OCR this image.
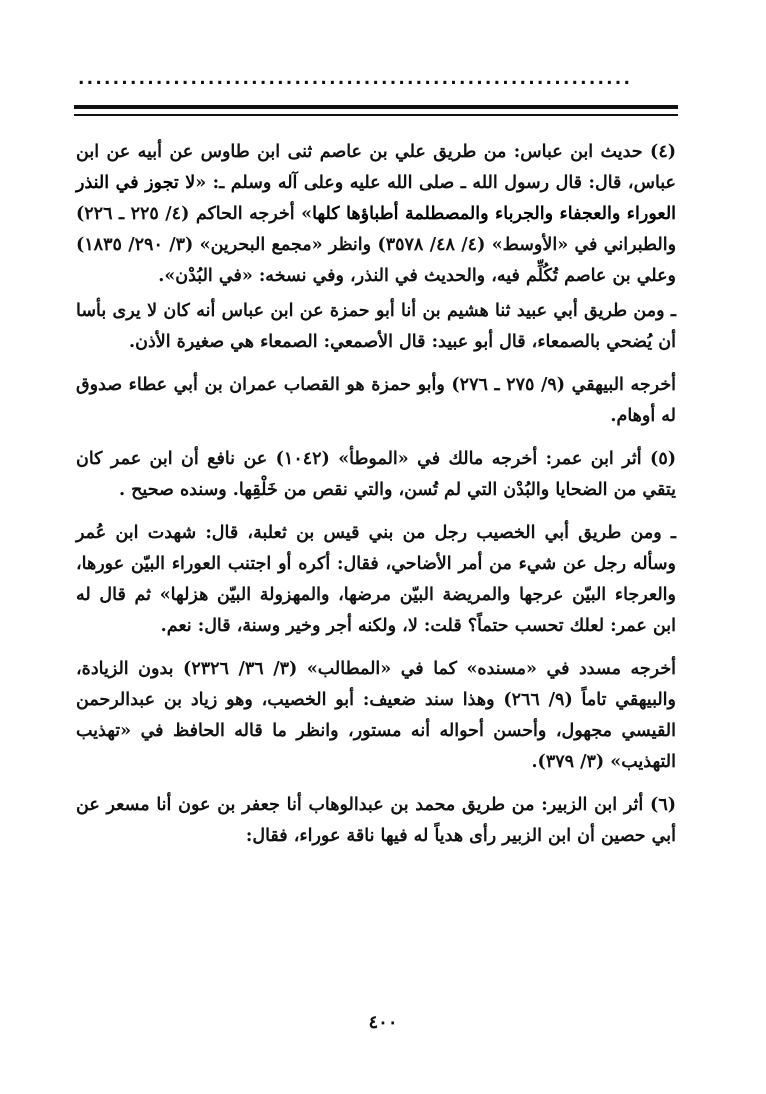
................................................................

(٤) حديث ابن عباس: من طريق علي بن عاصم ثنى ابن طاوس عن أبيه عن ابن عباس، قال: قال رسول الله ـ صلى الله عليه وعلى آله وسلم ـ: «لا تجوز في النذر العوراء والعجفاء والجرباء والمصطلمة أطباؤها كلها» أخرجه الحاكم (٤/ ٢٢٥ ـ ٢٢٦) والطبراني في «الأوسط» (٤/ ٤٨/ ٣٥٧٨) وانظر «مجمع البحرين» (٣/ ٢٩٠/ ١٨٣٥) وعلي بن عاصم تُكُلِّم فيه، والحديث في النذر، وفي نسخه: «في البُدْن».

ـ ومن طريق أبي عبيد ثنا هشيم بن أنا أبو حمزة عن ابن عباس أنه كان لا يرى بأسا أن يُضحي بالصمعاء، قال أبو عبيد: قال الأصمعي: الصمعاء هي صغيرة الأذن.

أخرجه البيهقي (٩/ ٢٧٥ ـ ٢٧٦) وأبو حمزة هو القصاب عمران بن أبي عطاء صدوق له أوهام.

(٥) أثر ابن عمر: أخرجه مالك في «الموطأ» (١٠٤٢) عن نافع أن ابن عمر كان يتقي من الضحايا والبُدْن التي لم تُسن، والتي نقص من خَلْقِها. وسنده صحيح .

ـ ومن طريق أبي الخصيب رجل من بني قيس بن ثعلبة، قال: شهدت ابن عُمر وسأله رجل عن شيء من أمر الأضاحي، فقال: أكره أو اجتنب العوراء البيّن عورها، والعرجاء البيّن عرجها والمريضة البيّن مرضها، والمهزولة البيّن هزلها» ثم قال له ابن عمر: لعلك تحسب حتماً؟ قلت: لا، ولكنه أجر وخير وسنة، قال: نعم.

أخرجه مسدد في «مسنده» كما في «المطالب» (٣/ ٣٦/ ٢٣٢٦) بدون الزيادة، والبيهقي تاماً (٩/ ٢٦٦) وهذا سند ضعيف: أبو الخصيب، وهو زياد بن عبدالرحمن القيسي مجهول، وأحسن أحواله أنه مستور، وانظر ما قاله الحافظ في «تهذيب التهذيب» (٣/ ٣٧٩).

(٦) أثر ابن الزبير: من طريق محمد بن عبدالوهاب أنا جعفر بن عون أنا مسعر عن أبي حصين أن ابن الزبير رأى هدياً له فيها ناقة عوراء، فقال:

٤٠٠
